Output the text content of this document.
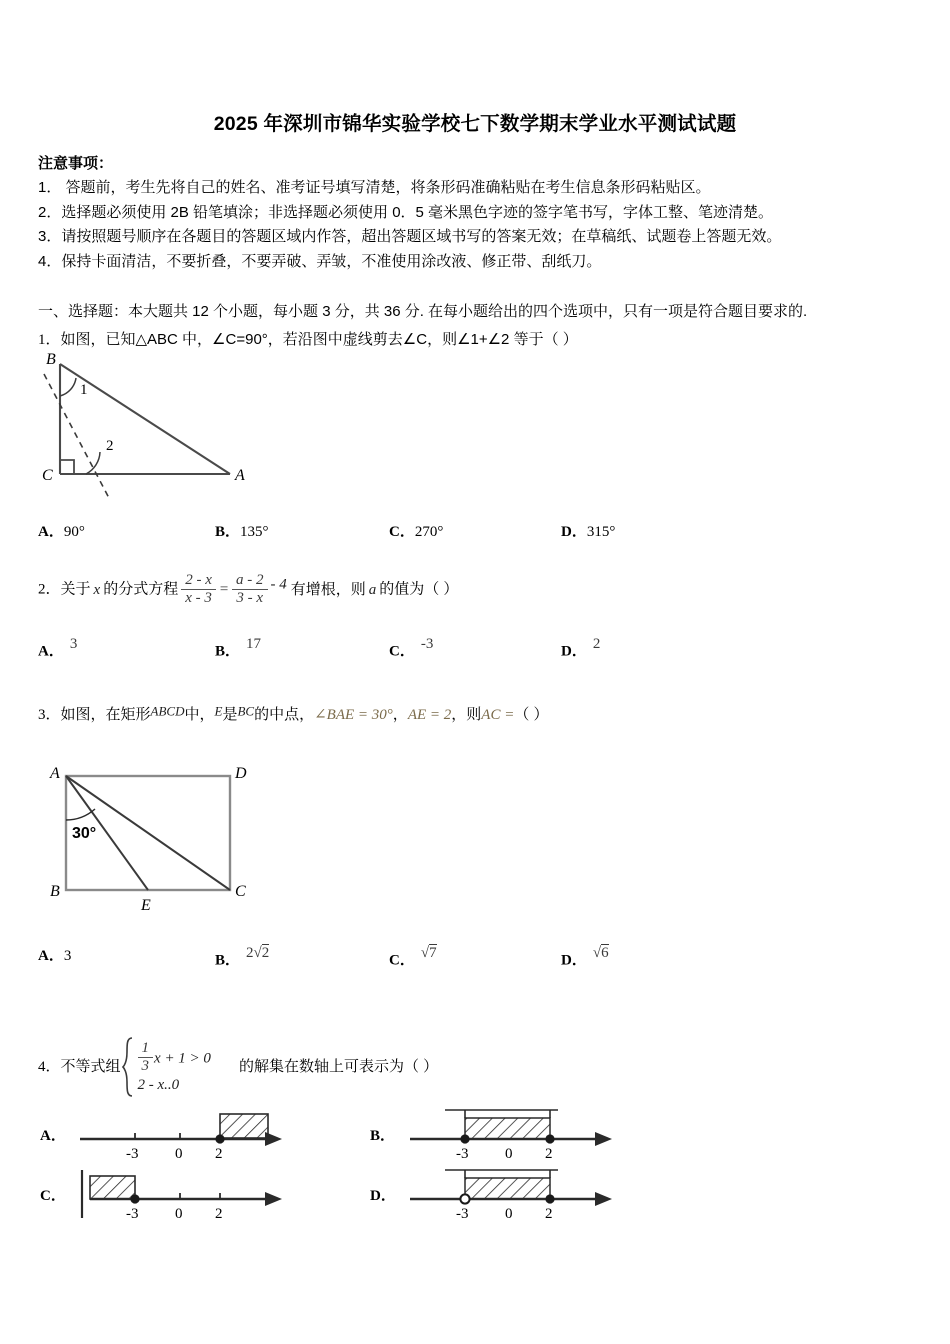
2025 年深圳市锦华实验学校七下数学期末学业水平测试试题
注意事项：
1． 答题前，考生先将自己的姓名、准考证号填写清楚，将条形码准确粘贴在考生信息条形码粘贴区。
2．选择题必须使用 2B 铅笔填涂；非选择题必须使用 0．5 毫米黑色字迹的签字笔书写，字体工整、笔迹清楚。
3．请按照题号顺序在各题目的答题区域内作答，超出答题区域书写的答案无效；在草稿纸、试题卷上答题无效。
4．保持卡面清洁，不要折叠，不要弄破、弄皱，不准使用涂改液、修正带、刮纸刀。
一、选择题：本大题共 12 个小题，每小题 3 分，共 36 分. 在每小题给出的四个选项中，只有一项是符合题目要求的.
1．如图，已知△ABC 中，∠C=90°，若沿图中虚线剪去∠C，则∠1+∠2 等于（ ）
B
C	A
1
2
A．90°	B．135°	C．270°	D．315°
2．关于 x 的分式方程 $\frac{2 - x}{x - 3} = \frac{a - 2}{3 - x} - 4$ 有增根，则 a 的值为（ ）
A． 3	B． 17	C． -3	D． 2
3．如图，在矩形ABCD中，E是BC的中点，∠BAE = 30°，AE = 2，则AC =（ ）
A	D
B	C
E
30°
A．3	B． 2√2	C． √7	D． √6
4．不等式组 $\frac{1}{3}$ x + 1 > 0
2 - x..0
的解集在数轴上可表示为（ ）
A．
-3 0 2
B．
-3 0 2
C．
-3 0 2
D．
-3 0 2
